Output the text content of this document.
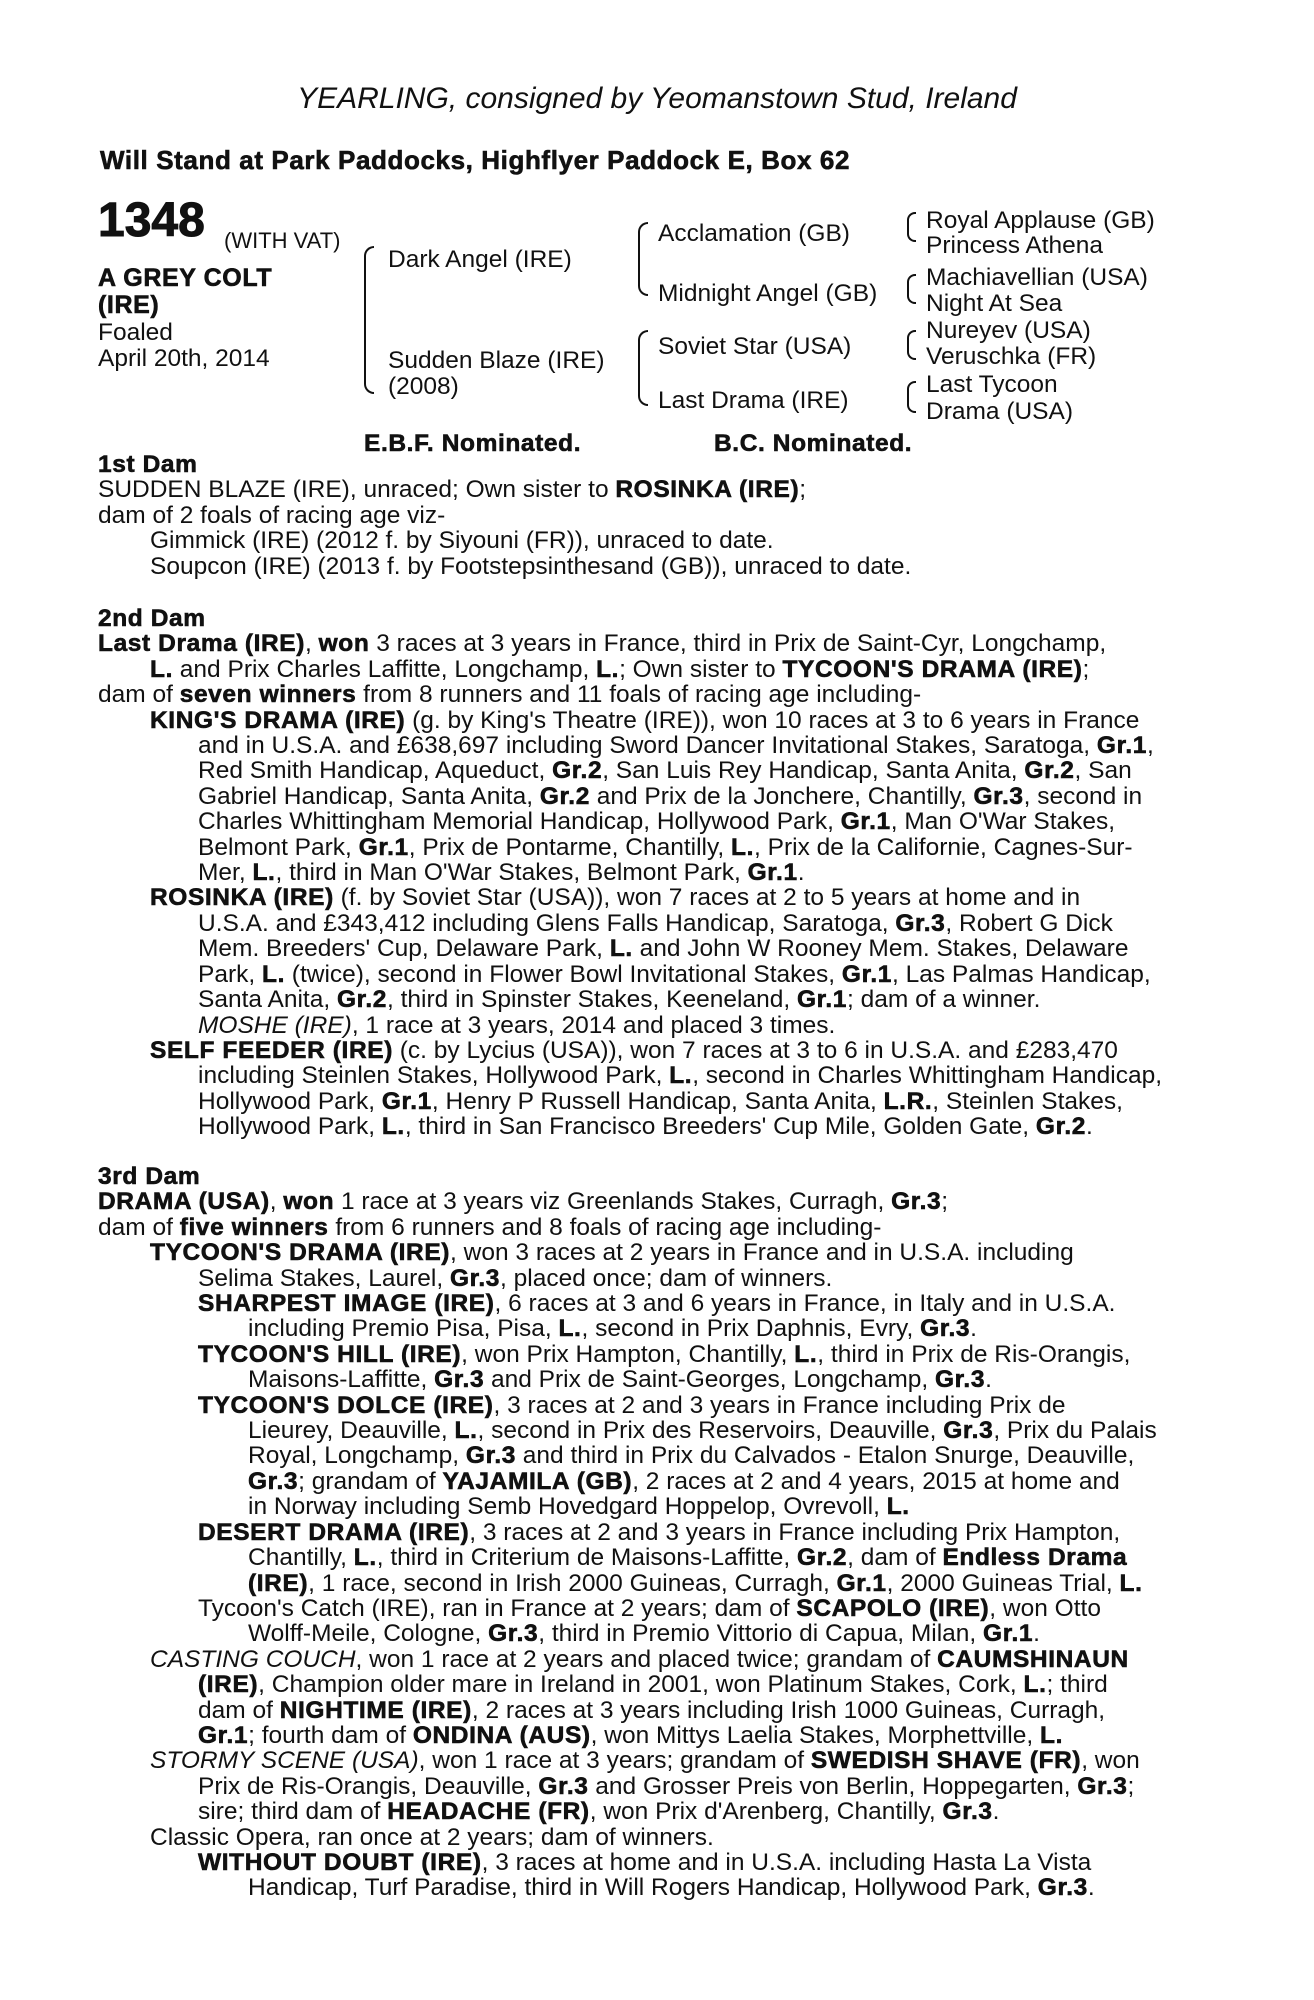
YEARLING, consigned by Yeomanstown Stud, Ireland
Will Stand at Park Paddocks, Highflyer Paddock E, Box 62
1348 (WITH VAT)
A GREY COLT
(IRE)
Foaled
April 20th, 2014
Dark Angel (IRE)
Sudden Blaze (IRE)
(2008)
Acclamation (GB)
Midnight Angel (GB)
Soviet Star (USA)
Last Drama (IRE)
Royal Applause (GB)
Princess Athena
Machiavellian (USA)
Night At Sea
Nureyev (USA)
Veruschka (FR)
Last Tycoon
Drama (USA)
E.B.F. Nominated.	B.C. Nominated.
1st Dam
SUDDEN BLAZE (IRE), unraced; Own sister to ROSINKA (IRE);
dam of 2 foals of racing age viz-
Gimmick (IRE) (2012 f. by Siyouni (FR)), unraced to date.
Soupcon (IRE) (2013 f. by Footstepsinthesand (GB)), unraced to date.
2nd Dam
Last Drama (IRE), won 3 races at 3 years in France, third in Prix de Saint-Cyr, Longchamp,
L. and Prix Charles Laffitte, Longchamp, L.; Own sister to TYCOON'S DRAMA (IRE);
dam of seven winners from 8 runners and 11 foals of racing age including-
KING'S DRAMA (IRE) (g. by King's Theatre (IRE)), won 10 races at 3 to 6 years in France
and in U.S.A. and £638,697 including Sword Dancer Invitational Stakes, Saratoga, Gr.1,
Red Smith Handicap, Aqueduct, Gr.2, San Luis Rey Handicap, Santa Anita, Gr.2, San
Gabriel Handicap, Santa Anita, Gr.2 and Prix de la Jonchere, Chantilly, Gr.3, second in
Charles Whittingham Memorial Handicap, Hollywood Park, Gr.1, Man O'War Stakes,
Belmont Park, Gr.1, Prix de Pontarme, Chantilly, L., Prix de la Californie, Cagnes-Sur-
Mer, L., third in Man O'War Stakes, Belmont Park, Gr.1.
ROSINKA (IRE) (f. by Soviet Star (USA)), won 7 races at 2 to 5 years at home and in
U.S.A. and £343,412 including Glens Falls Handicap, Saratoga, Gr.3, Robert G Dick
Mem. Breeders' Cup, Delaware Park, L. and John W Rooney Mem. Stakes, Delaware
Park, L. (twice), second in Flower Bowl Invitational Stakes, Gr.1, Las Palmas Handicap,
Santa Anita, Gr.2, third in Spinster Stakes, Keeneland, Gr.1; dam of a winner.
MOSHE (IRE), 1 race at 3 years, 2014 and placed 3 times.
SELF FEEDER (IRE) (c. by Lycius (USA)), won 7 races at 3 to 6 in U.S.A. and £283,470
including Steinlen Stakes, Hollywood Park, L., second in Charles Whittingham Handicap,
Hollywood Park, Gr.1, Henry P Russell Handicap, Santa Anita, L.R., Steinlen Stakes,
Hollywood Park, L., third in San Francisco Breeders' Cup Mile, Golden Gate, Gr.2.
3rd Dam
DRAMA (USA), won 1 race at 3 years viz Greenlands Stakes, Curragh, Gr.3;
dam of five winners from 6 runners and 8 foals of racing age including-
TYCOON'S DRAMA (IRE), won 3 races at 2 years in France and in U.S.A. including
Selima Stakes, Laurel, Gr.3, placed once; dam of winners.
SHARPEST IMAGE (IRE), 6 races at 3 and 6 years in France, in Italy and in U.S.A.
including Premio Pisa, Pisa, L., second in Prix Daphnis, Evry, Gr.3.
TYCOON'S HILL (IRE), won Prix Hampton, Chantilly, L., third in Prix de Ris-Orangis,
Maisons-Laffitte, Gr.3 and Prix de Saint-Georges, Longchamp, Gr.3.
TYCOON'S DOLCE (IRE), 3 races at 2 and 3 years in France including Prix de
Lieurey, Deauville, L., second in Prix des Reservoirs, Deauville, Gr.3, Prix du Palais
Royal, Longchamp, Gr.3 and third in Prix du Calvados - Etalon Snurge, Deauville,
Gr.3; grandam of YAJAMILA (GB), 2 races at 2 and 4 years, 2015 at home and
in Norway including Semb Hovedgard Hoppelop, Ovrevoll, L.
DESERT DRAMA (IRE), 3 races at 2 and 3 years in France including Prix Hampton,
Chantilly, L., third in Criterium de Maisons-Laffitte, Gr.2, dam of Endless Drama
(IRE), 1 race, second in Irish 2000 Guineas, Curragh, Gr.1, 2000 Guineas Trial, L.
Tycoon's Catch (IRE), ran in France at 2 years; dam of SCAPOLO (IRE), won Otto
Wolff-Meile, Cologne, Gr.3, third in Premio Vittorio di Capua, Milan, Gr.1.
CASTING COUCH, won 1 race at 2 years and placed twice; grandam of CAUMSHINAUN
(IRE), Champion older mare in Ireland in 2001, won Platinum Stakes, Cork, L.; third
dam of NIGHTIME (IRE), 2 races at 3 years including Irish 1000 Guineas, Curragh,
Gr.1; fourth dam of ONDINA (AUS), won Mittys Laelia Stakes, Morphettville, L.
STORMY SCENE (USA), won 1 race at 3 years; grandam of SWEDISH SHAVE (FR), won
Prix de Ris-Orangis, Deauville, Gr.3 and Grosser Preis von Berlin, Hoppegarten, Gr.3;
sire; third dam of HEADACHE (FR), won Prix d'Arenberg, Chantilly, Gr.3.
Classic Opera, ran once at 2 years; dam of winners.
WITHOUT DOUBT (IRE), 3 races at home and in U.S.A. including Hasta La Vista
Handicap, Turf Paradise, third in Will Rogers Handicap, Hollywood Park, Gr.3.
